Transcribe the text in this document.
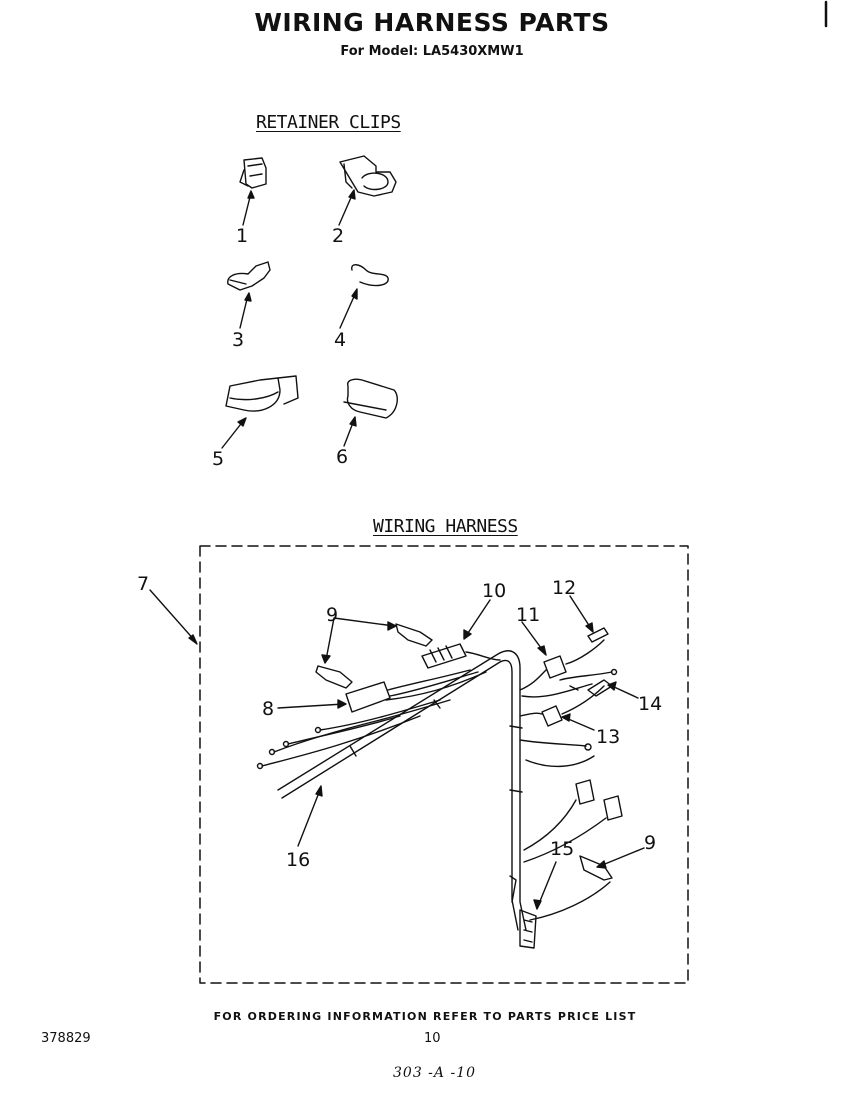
WIRING HARNESS PARTS
For Model: LA5430XMW1
RETAINER CLIPS
WIRING HARNESS
1	2
3	4
5	6
7
8
9
9
10
11
12
13
14
15
16
FOR ORDERING INFORMATION REFER TO PARTS PRICE LIST
378829	10
303 -A -10
